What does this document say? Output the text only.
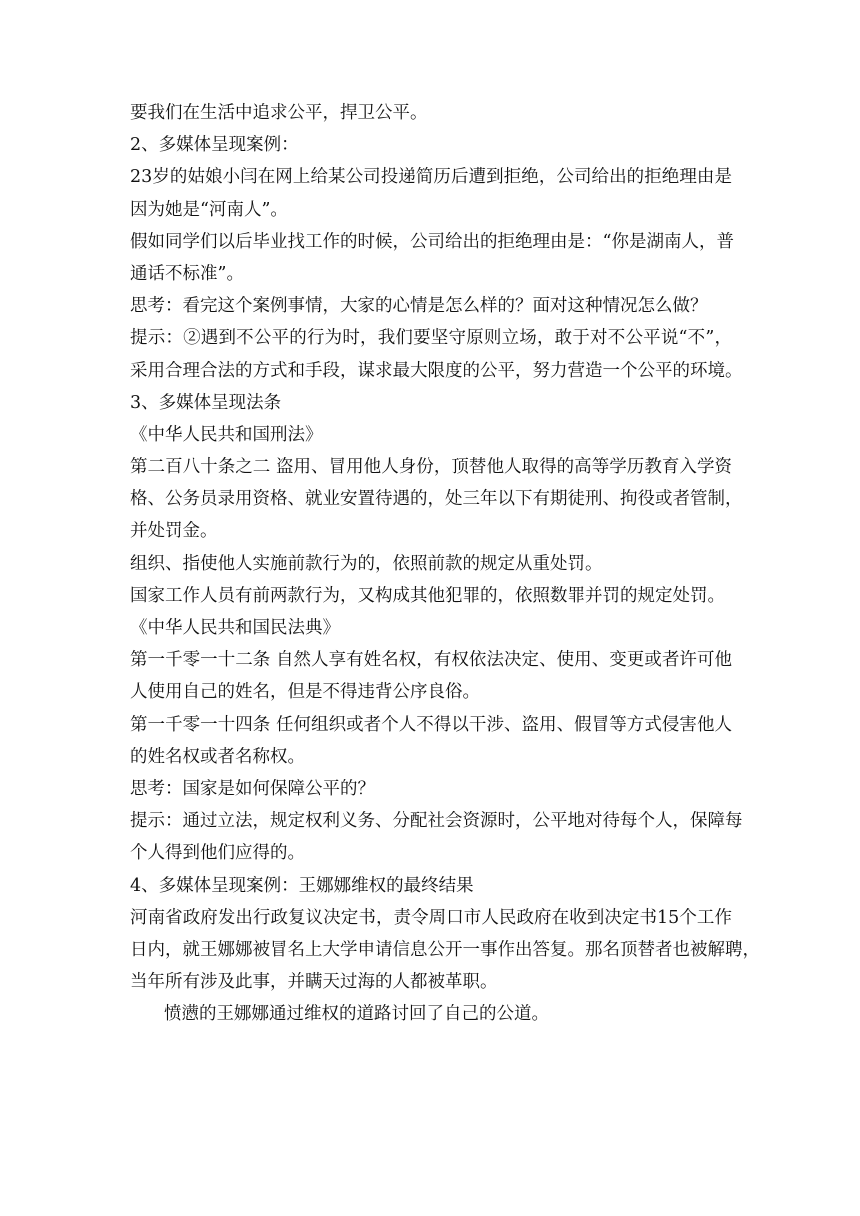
要我们在生活中追求公平，捍卫公平。
2、多媒体呈现案例：
23岁的姑娘小闫在网上给某公司投递简历后遭到拒绝，公司给出的拒绝理由是
因为她是“河南人”。
假如同学们以后毕业找工作的时候，公司给出的拒绝理由是：“你是湖南人，普
通话不标准”。
思考：看完这个案例事情，大家的心情是怎么样的？面对这种情况怎么做？
提示：②遇到不公平的行为时，我们要坚守原则立场，敢于对不公平说“不”，
采用合理合法的方式和手段，谋求最大限度的公平，努力营造一个公平的环境。
3、多媒体呈现法条
《中华人民共和国刑法》
第二百八十条之二 盗用、冒用他人身份，顶替他人取得的高等学历教育入学资
格、公务员录用资格、就业安置待遇的，处三年以下有期徒刑、拘役或者管制，
并处罚金。
组织、指使他人实施前款行为的，依照前款的规定从重处罚。
国家工作人员有前两款行为，又构成其他犯罪的，依照数罪并罚的规定处罚。
《中华人民共和国民法典》
第一千零一十二条 自然人享有姓名权，有权依法决定、使用、变更或者许可他
人使用自己的姓名，但是不得违背公序良俗。
第一千零一十四条 任何组织或者个人不得以干涉、盗用、假冒等方式侵害他人
的姓名权或者名称权。
思考：国家是如何保障公平的？
提示：通过立法，规定权利义务、分配社会资源时，公平地对待每个人，保障每
个人得到他们应得的。
4、多媒体呈现案例：王娜娜维权的最终结果
河南省政府发出行政复议决定书，责令周口市人民政府在收到决定书15个工作
日内，就王娜娜被冒名上大学申请信息公开一事作出答复。那名顶替者也被解聘，
当年所有涉及此事，并瞒天过海的人都被革职。
愤懑的王娜娜通过维权的道路讨回了自己的公道。
